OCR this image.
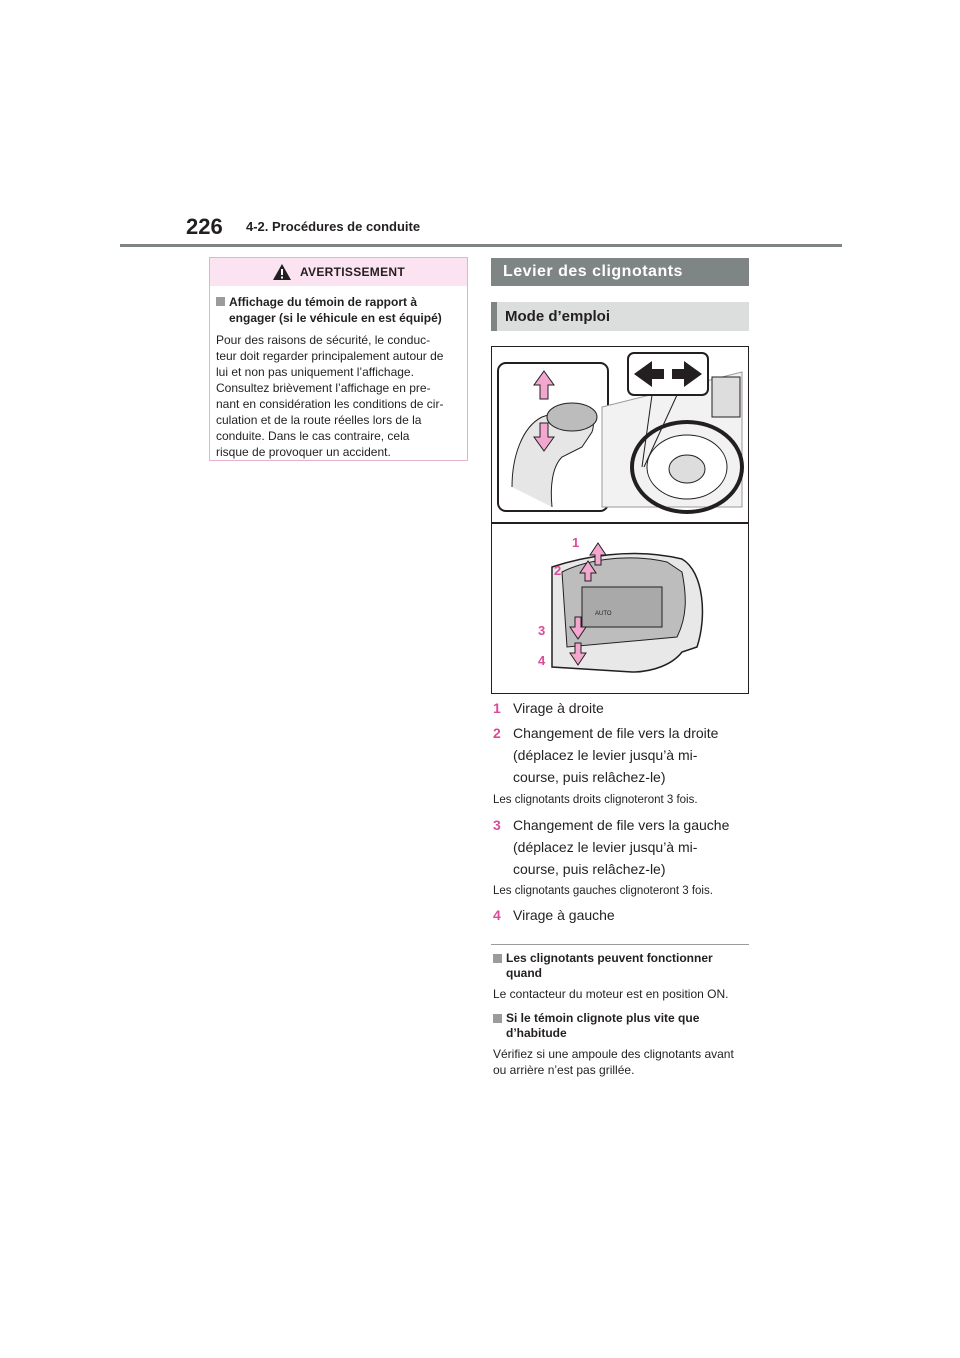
226 4-2. Procédures de conduite
AVERTISSEMENT
Affichage du témoin de rapport à
engager (si le véhicule en est équipé)
Pour des raisons de sécurité, le conduc-
teur doit regarder principalement autour de
lui et non pas uniquement l’affichage.
Consultez brièvement l’affichage en pre-
nant en considération les conditions de cir-
culation et de la route réelles lors de la
conduite. Dans le cas contraire, cela
risque de provoquer un accident.
Levier des clignotants
Mode d’emploi
AUTO
1
2
3
4
1 Virage à droite
2 Changement de file vers la droite
(déplacez le levier jusqu’à mi-
course, puis relâchez-le)
Les clignotants droits clignoteront 3 fois.
3 Changement de file vers la gauche
(déplacez le levier jusqu’à mi-
course, puis relâchez-le)
Les clignotants gauches clignoteront 3 fois.
4 Virage à gauche
Les clignotants peuvent fonctionner
quand
Le contacteur du moteur est en position ON.
Si le témoin clignote plus vite que
d’habitude
Vérifiez si une ampoule des clignotants avant
ou arrière n’est pas grillée.
